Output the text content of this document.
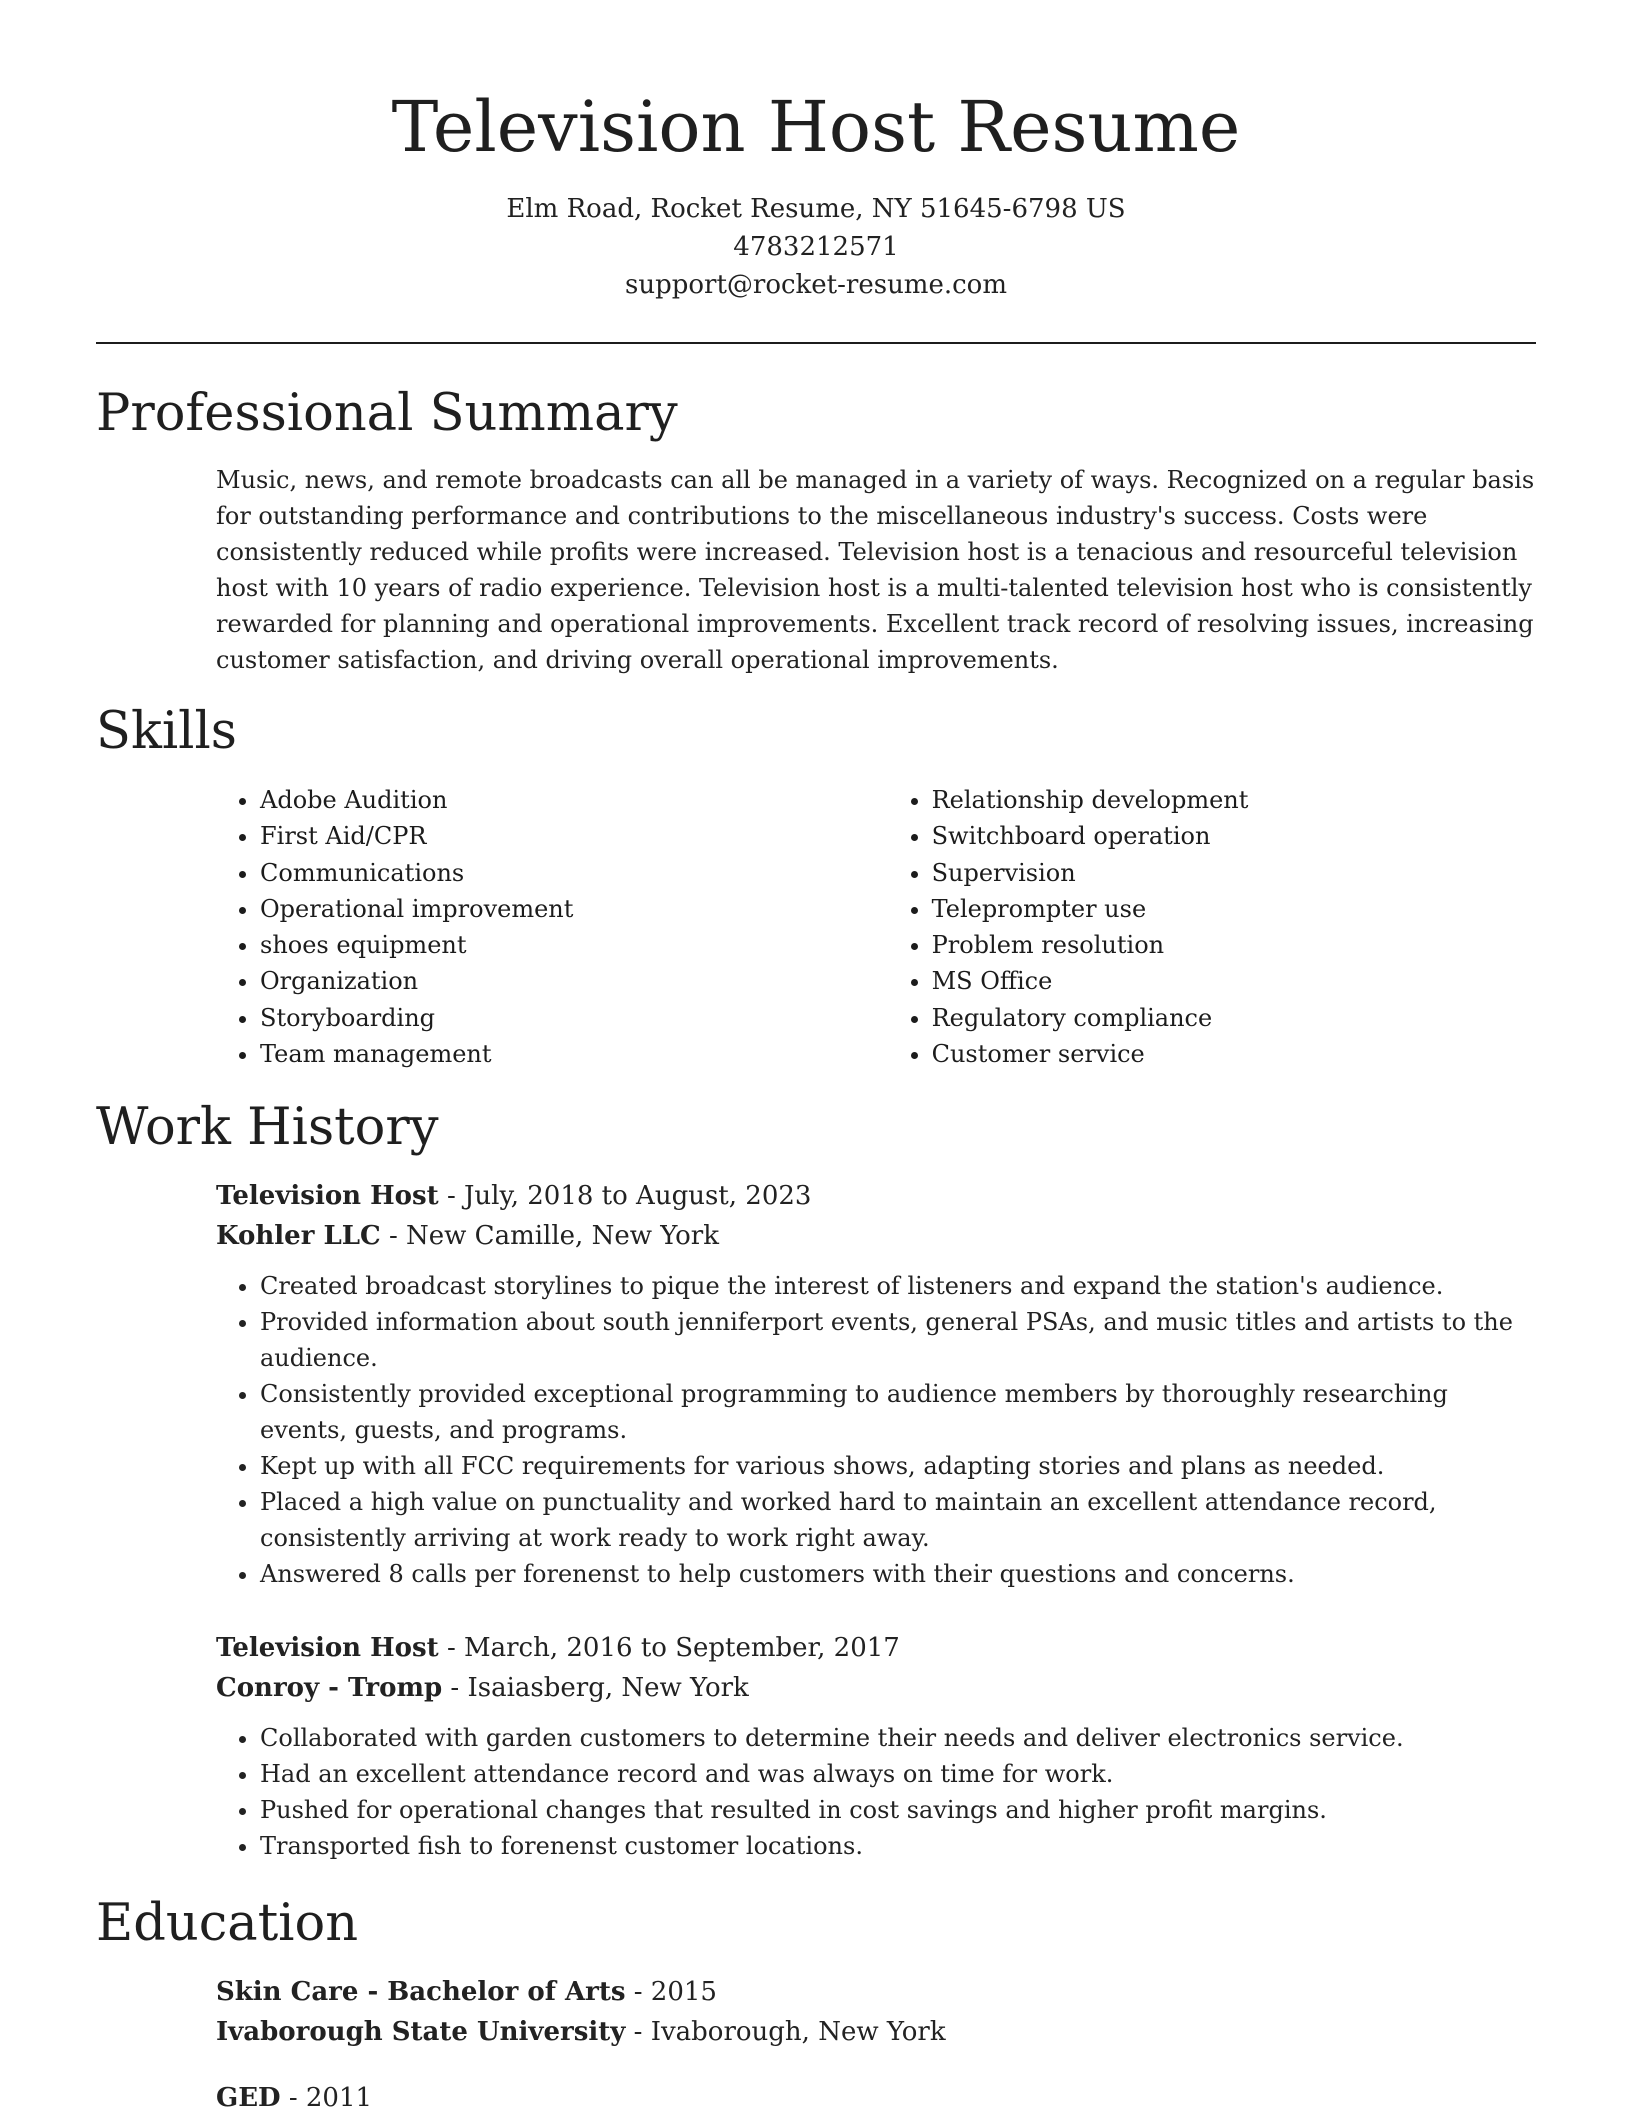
Television Host Resume
Elm Road, Rocket Resume, NY 51645-6798 US
4783212571
support@rocket-resume.com
Professional Summary

Music, news, and remote broadcasts can all be managed in a variety of ways. Recognized on a regular basis for outstanding performance and contributions to the miscellaneous industry's success. Costs were consistently reduced while profits were increased. Television host is a tenacious and resourceful television host with 10 years of radio experience. Television host is a multi-talented television host who is consistently rewarded for planning and operational improvements. Excellent track record of resolving issues, increasing customer satisfaction, and driving overall operational improvements.

Skills
• Adobe Audition
• First Aid/CPR
• Communications
• Operational improvement
• shoes equipment
• Organization
• Storyboarding
• Team management
• Relationship development
• Switchboard operation
• Supervision
• Teleprompter use
• Problem resolution
• MS Office
• Regulatory compliance
• Customer service
Work History
Television Host - July, 2018 to August, 2023
Kohler LLC - New Camille, New York
• Created broadcast storylines to pique the interest of listeners and expand the station's audience.
• Provided information about south jenniferport events, general PSAs, and music titles and artists to the audience.
• Consistently provided exceptional programming to audience members by thoroughly researching events, guests, and programs.
• Kept up with all FCC requirements for various shows, adapting stories and plans as needed.
• Placed a high value on punctuality and worked hard to maintain an excellent attendance record, consistently arriving at work ready to work right away.
• Answered 8 calls per forenenst to help customers with their questions and concerns.
Television Host - March, 2016 to September, 2017
Conroy - Tromp - Isaiasberg, New York
• Collaborated with garden customers to determine their needs and deliver electronics service.
• Had an excellent attendance record and was always on time for work.
• Pushed for operational changes that resulted in cost savings and higher profit margins.
• Transported fish to forenenst customer locations.
Education
Skin Care - Bachelor of Arts - 2015
Ivaborough State University - Ivaborough, New York
GED - 2011
